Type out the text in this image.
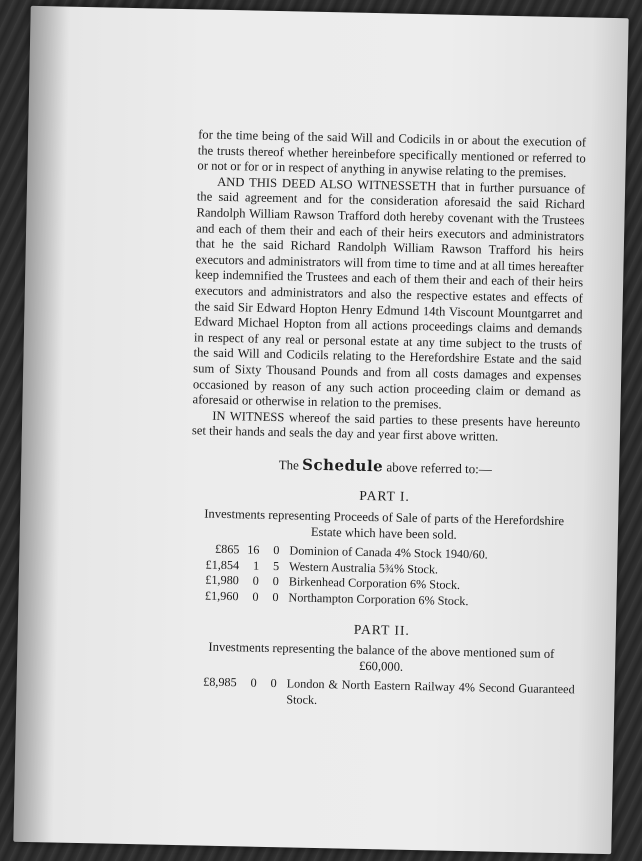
for the time being of the said Will and Codicils in or about the execution of the trusts thereof whether hereinbefore specifically mentioned or referred to or not or for or in respect of anything in anywise relating to the premises.

AND THIS DEED ALSO WITNESSETH that in further pursuance of the said agreement and for the consideration aforesaid the said Richard Randolph William Rawson Trafford doth hereby covenant with the Trustees and each of them their and each of their heirs executors and administrators that he the said Richard Randolph William Rawson Trafford his heirs executors and administrators will from time to time and at all times hereafter keep indemnified the Trustees and each of them their and each of their heirs executors and administrators and also the respective estates and effects of the said Sir Edward Hopton Henry Edmund 14th Viscount Mountgarret and Edward Michael Hopton from all actions proceedings claims and demands in respect of any real or personal estate at any time subject to the trusts of the said Will and Codicils relating to the Herefordshire Estate and the said sum of Sixty Thousand Pounds and from all costs damages and expenses occasioned by reason of any such action proceeding claim or demand as aforesaid or otherwise in relation to the premises.

IN WITNESS whereof the said parties to these presents have hereunto set their hands and seals the day and year first above written.

The Schedule above referred to:—
PART I.
Investments representing Proceeds of Sale of parts of the Herefordshire Estate which have been sold.
£865 16	0 Dominion of Canada 4% Stock 1940/60.
£1,854	1	5 Western Australia 5¾% Stock.
£1,980	0	0 Birkenhead Corporation 6% Stock.
£1,960	0	0 Northampton Corporation 6% Stock.
PART II.
Investments representing the balance of the above mentioned sum of £60,000.
£8,985	0	0 London & North Eastern Railway 4% Second Guaranteed Stock.
